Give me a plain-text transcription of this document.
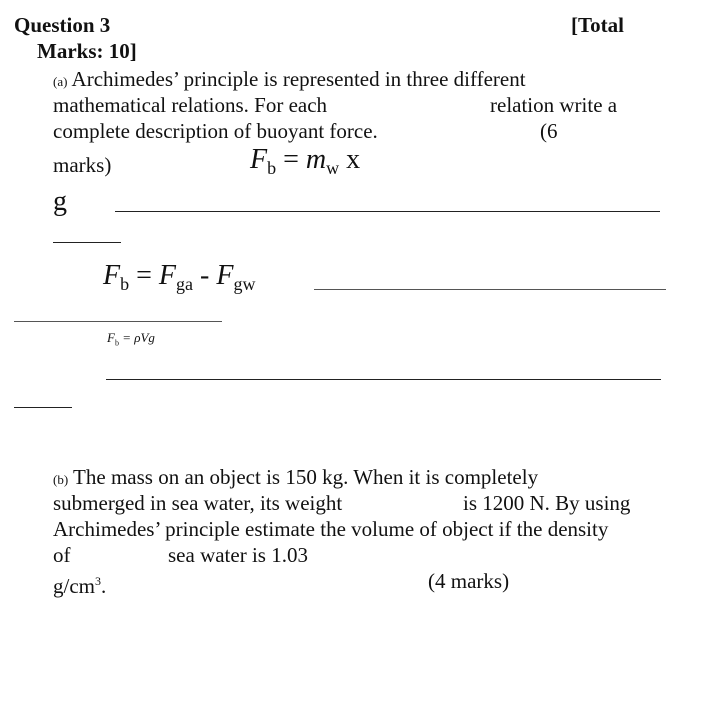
Question 3	[Total
Marks: 10]
(a) Archimedes’ principle is represented in three different
mathematical relations. For each	relation write a
complete description of buoyant force.	(6
marks)	$F_b = m_w$ x
g
$F_b = F_{ga} - F_{gw}$
$F_b = \rho Vg$
(b) The mass on an object is 150 kg. When it is completely
submerged in sea water, its weight	is 1200 N. By using
Archimedes’ principle estimate the volume of object if the density
of	sea water is 1.03
$g/cm^3$.	(4 marks)
